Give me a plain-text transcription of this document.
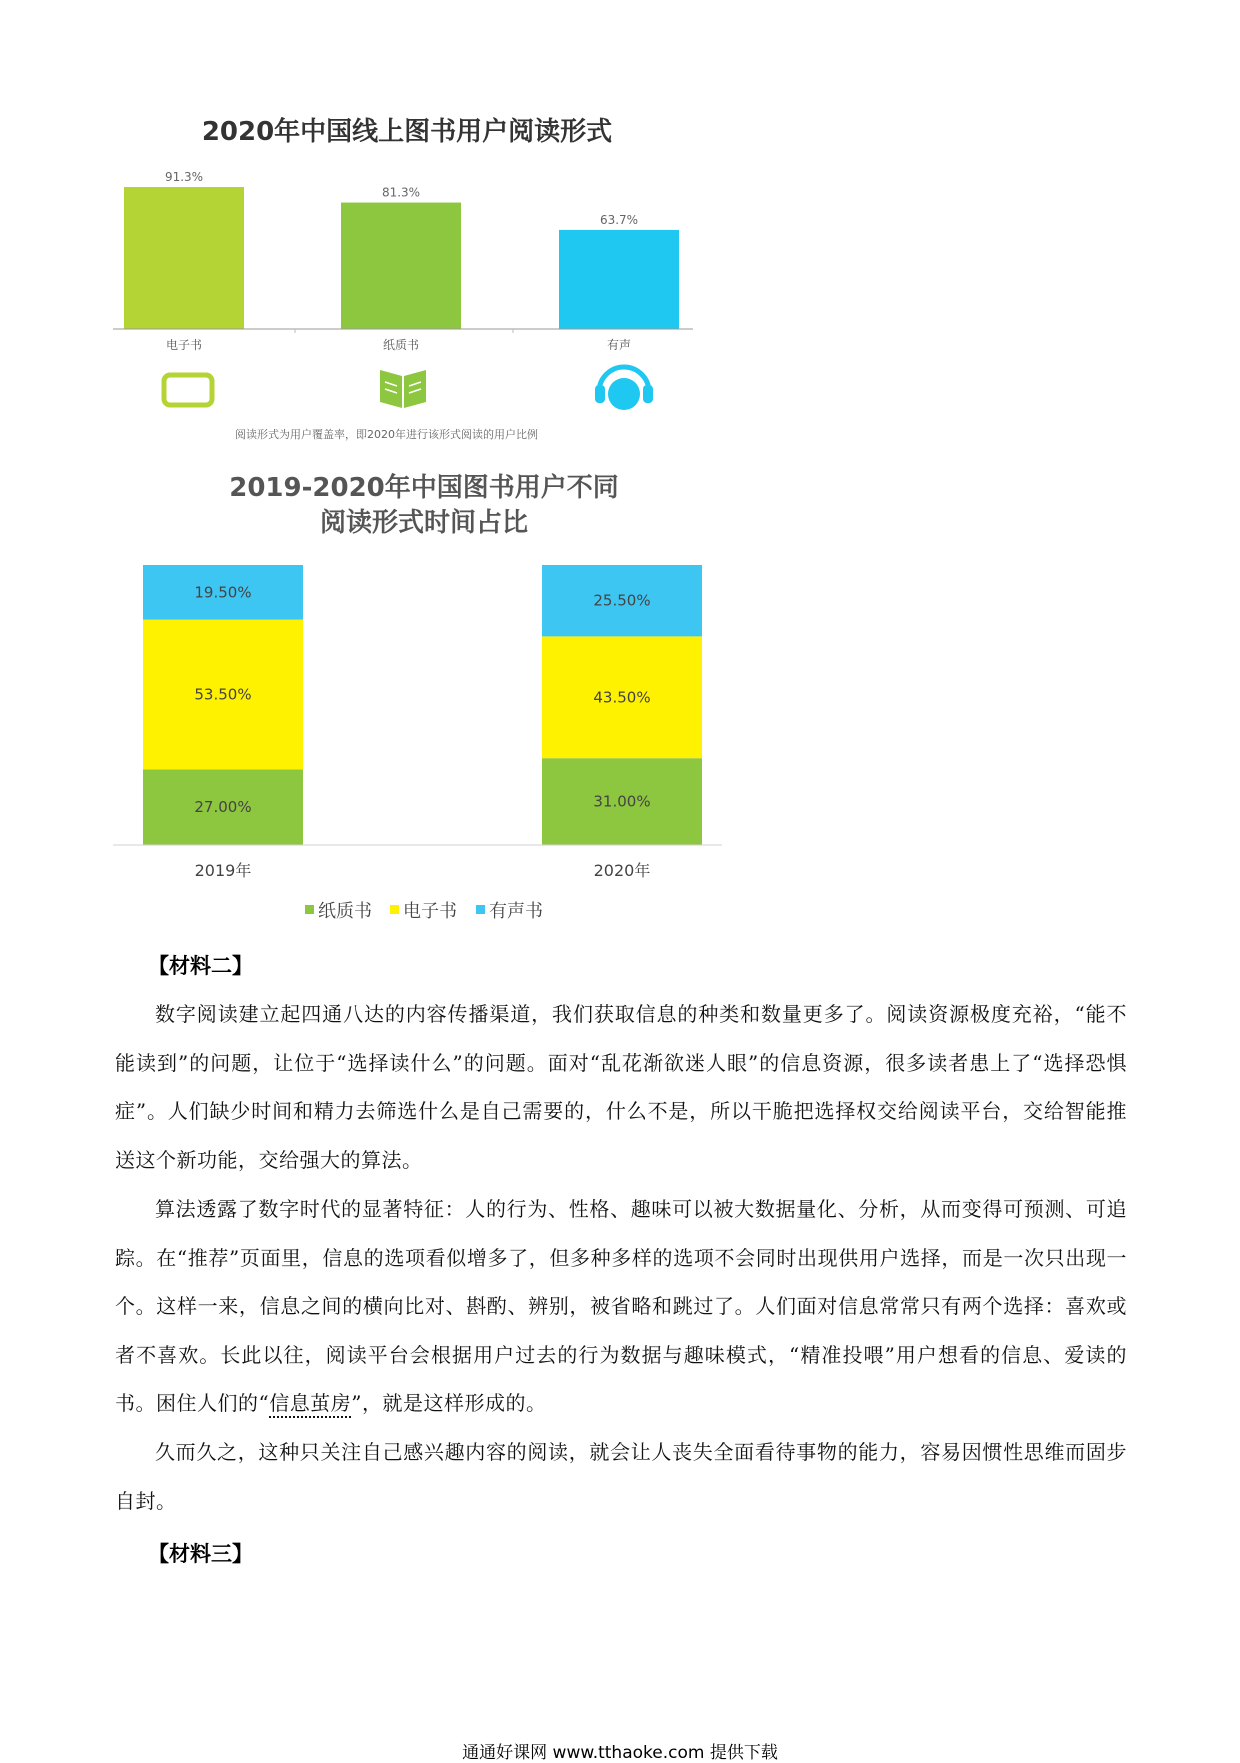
2020年中国线上图书用户阅读形式
91.3%
电子书
81.3%
纸质书
63.7%
有声
阅读形式为用户覆盖率，即2020年进行该形式阅读的用户比例
2019-2020年中国图书用户不同
阅读形式时间占比
27.00%
53.50%
19.50%
2019年
31.00%
43.50%
25.50%
2020年
纸质书 电子书 有声书
【材料二】
数字阅读建立起四通八达的内容传播渠道，我们获取信息的种类和数量更多了。阅读资源极度充裕，“能不能读到”的问题，让位于“选择读什么”的问题。面对“乱花渐欲迷人眼”的信息资源，很多读者患上了“选择恐惧症”。人们缺少时间和精力去筛选什么是自己需要的，什么不是，所以干脆把选择权交给阅读平台，交给智能推送这个新功能，交给强大的算法。
算法透露了数字时代的显著特征：人的行为、性格、趣味可以被大数据量化、分析，从而变得可预测、可追踪。在“推荐”页面里，信息的选项看似增多了，但多种多样的选项不会同时出现供用户选择，而是一次只出现一个。这样一来，信息之间的横向比对、斟酌、辨别，被省略和跳过了。人们面对信息常常只有两个选择：喜欢或者不喜欢。长此以往，阅读平台会根据用户过去的行为数据与趣味模式，“精准投喂”用户想看的信息、爱读的书。困住人们的“信息茧房”，就是这样形成的。
久而久之，这种只关注自己感兴趣内容的阅读，就会让人丧失全面看待事物的能力，容易因惯性思维而固步自封。
【材料三】
通通好课网 www.tthaoke.com 提供下载
